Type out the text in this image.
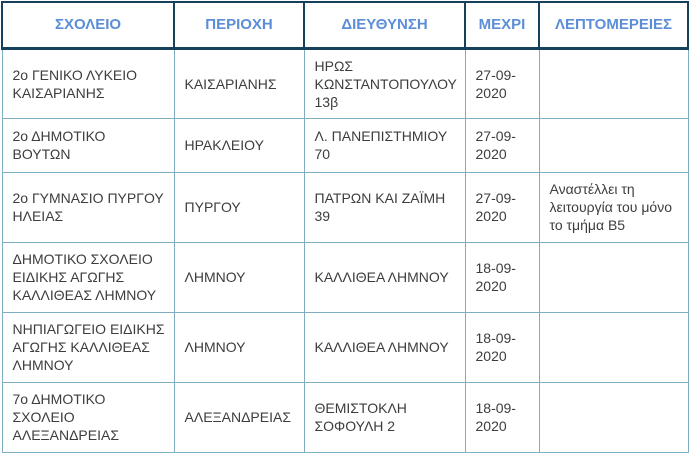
ΣΧΟΛΕΙΟ	ΠΕΡΙΟΧΗ	ΔΙΕΥΘΥΝΣΗ	ΜΕΧΡΙ	ΛΕΠΤΟΜΕΡΕΙΕΣ
2ο ΓΕΝΙΚΟ ΛΥΚΕΙΟ ΚΑΙΣΑΡΙΑΝΗΣ	ΚΑΙΣΑΡΙΑΝΗΣ	ΗΡΩΣ ΚΩΝΣΤΑΝΤΟΠΟΥΛΟΥ 13β	27-09-2020	
2ο ΔΗΜΟΤΙΚΟ ΒΟΥΤΩΝ	ΗΡΑΚΛΕΙΟΥ	Λ. ΠΑΝΕΠΙΣΤΗΜΙΟΥ 70	27-09-2020	
2ο ΓΥΜΝΑΣΙΟ ΠΥΡΓΟΥ ΗΛΕΙΑΣ	ΠΥΡΓΟΥ	ΠΑΤΡΩΝ ΚΑΙ ΖΑΪΜΗ 39	27-09-2020	Αναστέλλει τη λειτουργία του μόνο το τμήμα Β5
ΔΗΜΟΤΙΚΟ ΣΧΟΛΕΙΟ ΕΙΔΙΚΗΣ ΑΓΩΓΗΣ ΚΑΛΛΙΘΕΑΣ ΛΗΜΝΟΥ	ΛΗΜΝΟΥ	ΚΑΛΛΙΘΕΑ ΛΗΜΝΟΥ	18-09-2020	
ΝΗΠΙΑΓΩΓΕΙΟ ΕΙΔΙΚΗΣ ΑΓΩΓΗΣ ΚΑΛΛΙΘΕΑΣ ΛΗΜΝΟΥ	ΛΗΜΝΟΥ	ΚΑΛΛΙΘΕΑ ΛΗΜΝΟΥ	18-09-2020	
7ο ΔΗΜΟΤΙΚΟ ΣΧΟΛΕΙΟ ΑΛΕΞΑΝΔΡΕΙΑΣ	ΑΛΕΞΑΝΔΡΕΙΑΣ	ΘΕΜΙΣΤΟΚΛΗ ΣΟΦΟΥΛΗ 2	18-09-2020	
